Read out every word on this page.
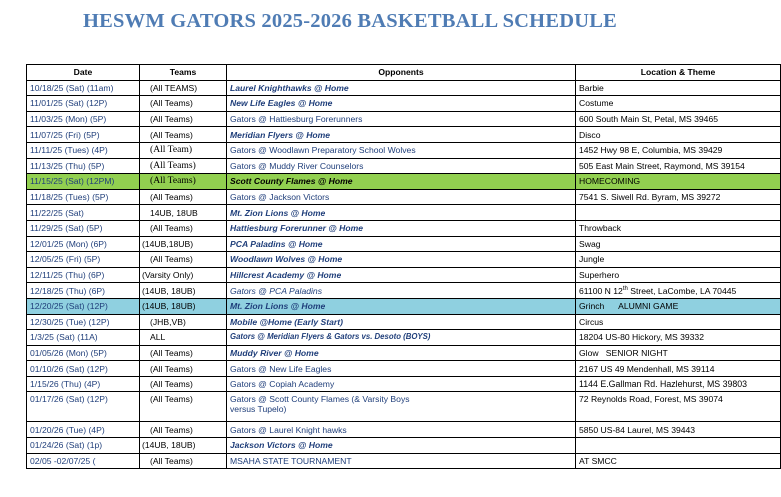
HESWM GATORS 2025-2026 BASKETBALL SCHEDULE
Date	Teams	Opponents	Location & Theme
10/18/25 (Sat) (11am)	(All TEAMS)	Laurel Knighthawks @ Home	Barbie
11/01/25 (Sat) (12P)	(All Teams)	New Life Eagles @ Home	Costume
11/03/25 (Mon) (5P)	(All Teams)	Gators @ Hattiesburg Forerunners	600 South Main St, Petal, MS 39465
11/07/25 (Fri) (5P)	(All Teams)	Meridian Flyers @ Home	Disco
11/11/25 (Tues) (4P)	(All Team)	Gators @ Woodlawn Preparatory School Wolves	1452 Hwy 98 E, Columbia, MS 39429
11/13/25 (Thu) (5P)	(All Teams)	Gators @ Muddy River Counselors	505 East Main Street, Raymond, MS 39154
11/15/25 (Sat) (12PM)	(All Teams)	Scott County Flames @ Home	HOMECOMING
11/18/25 (Tues) (5P)	(All Teams)	Gators @ Jackson Victors	7541 S. Siwell Rd. Byram, MS 39272
11/22/25 (Sat)	14UB, 18UB	Mt. Zion Lions @ Home	
11/29/25 (Sat) (5P)	(All Teams)	Hattiesburg Forerunner @ Home	Throwback
12/01/25 (Mon) (6P)	(14UB,18UB)	PCA Paladins @ Home	Swag
12/05/25 (Fri) (5P)	(All Teams)	Woodlawn Wolves @ Home	Jungle
12/11/25 (Thu) (6P)	(Varsity Only)	Hillcrest Academy @ Home	Superhero
12/18/25 (Thu) (6P)	(14UB, 18UB)	Gators @ PCA Paladins	61100 N 12th Street, LaCombe, LA 70445
12/20/25 (Sat) (12P)	(14UB, 18UB)	Mt. Zion Lions @ Home	Grinch      ALUMNI GAME
12/30/25 (Tue) (12P)	(JHB,VB)	Mobile @Home (Early Start)	Circus
1/3/25 (Sat) (11A)	ALL	Gators @ Meridian Flyers & Gators vs. Desoto (BOYS)	18204 US-80 Hickory, MS 39332
01/05/26 (Mon) (5P)	(All Teams)	Muddy River @ Home	Glow   SENIOR NIGHT
01/10/26 (Sat) (12P)	(All Teams)	Gators @ New Life Eagles	2167 US 49 Mendenhall, MS 39114
1/15/26 (Thu) (4P)	(All Teams)	Gators @ Copiah Academy	1144 E.Gallman Rd. Hazlehurst, MS 39803
01/17/26 (Sat) (12P)	(All Teams)	Gators @ Scott County Flames (& Varsity Boys versus Tupelo)	72 Reynolds Road, Forest, MS 39074
01/20/26 (Tue) (4P)	(All Teams)	Gators @ Laurel Knight hawks	5850 US-84 Laurel, MS 39443
01/24/26 (Sat) (1p)	(14UB, 18UB)	Jackson Victors @ Home	
02/05 -02/07/25 (	(All Teams)	MSAHA STATE TOURNAMENT	AT SMCC
